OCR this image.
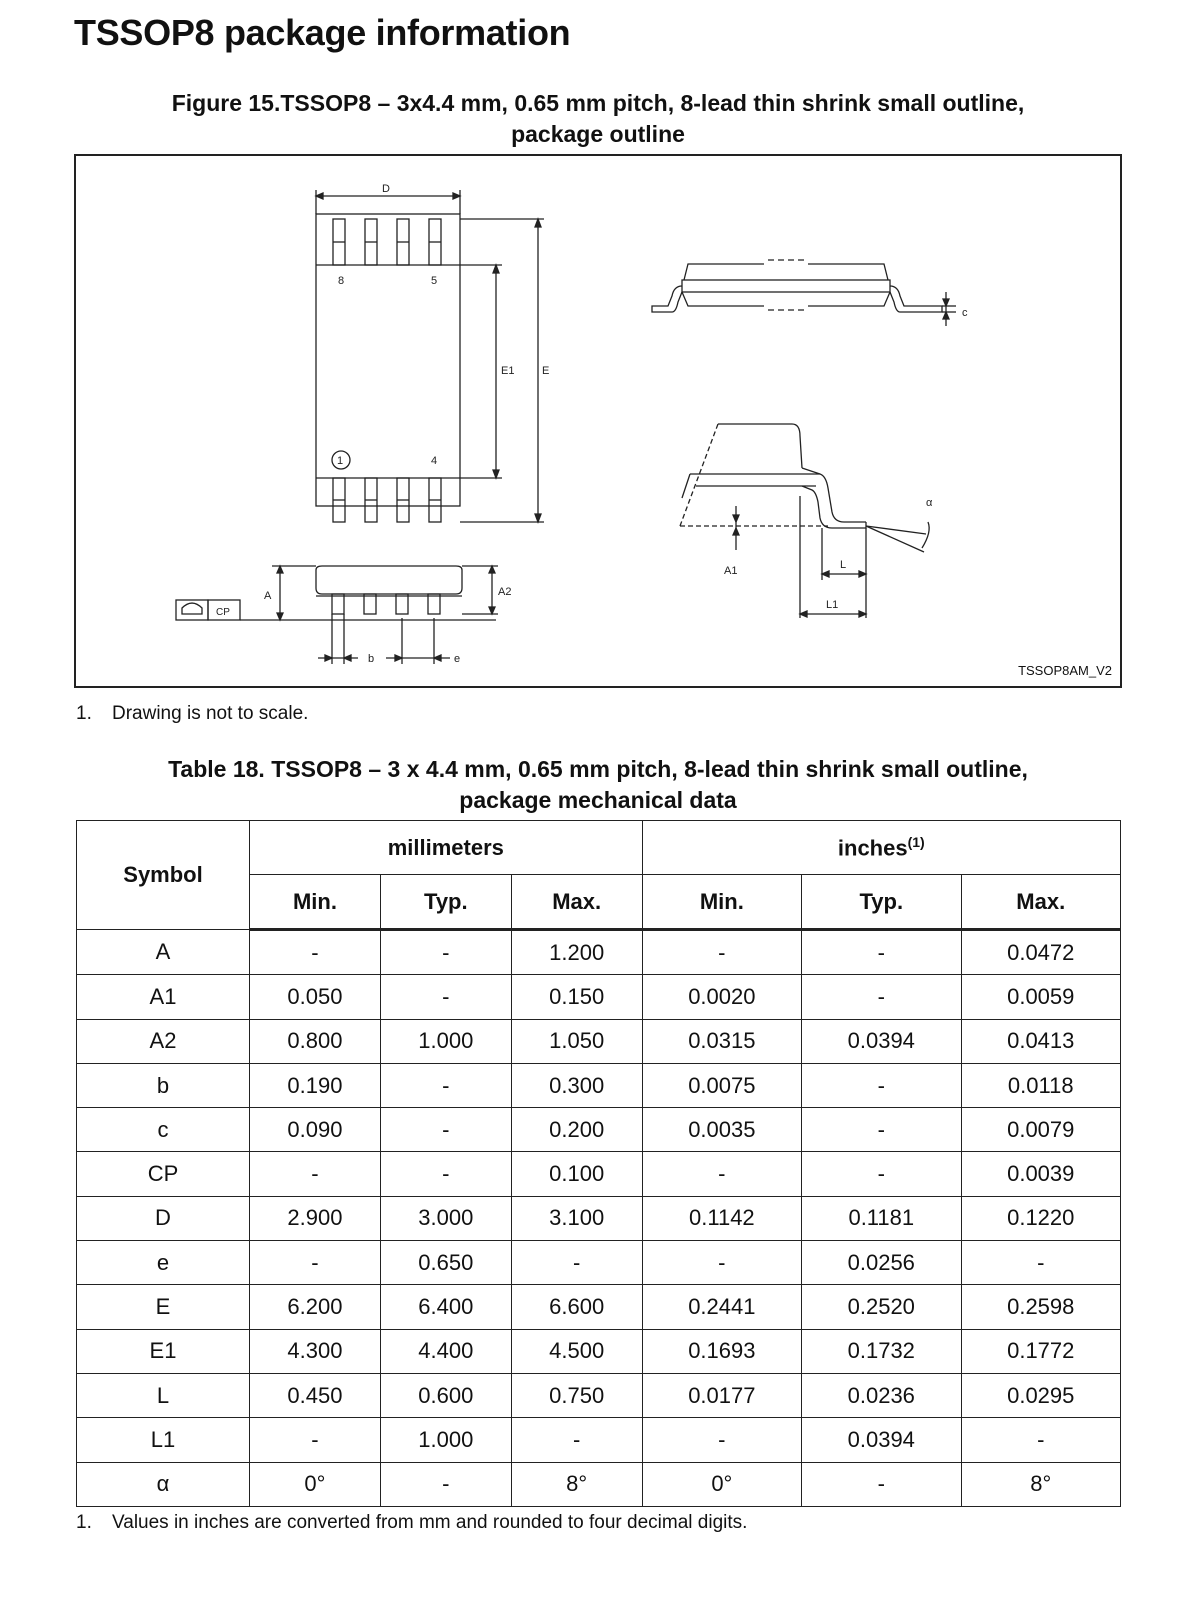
TSSOP8 package information
Figure 15.TSSOP8 – 3x4.4 mm, 0.65 mm pitch, 8-lead thin shrink small outline,
package outline
D
8	5
4
1
E1	E
c
α
A1	L
L1
CP
A	A2
b	e
TSSOP8AM_V2
1. Drawing is not to scale.
Table 18. TSSOP8 – 3 x 4.4 mm, 0.65 mm pitch, 8-lead thin shrink small outline,
package mechanical data
Symbol	millimeters			inches$^{(1)}$
	Min.	Typ.	Max.	Min.	Typ.	Max.
A	-	-	1.200	-	-	0.0472
A1	0.050	-	0.150	0.0020	-	0.0059
A2	0.800	1.000	1.050	0.0315	0.0394	0.0413
b	0.190	-	0.300	0.0075	-	0.0118
c	0.090	-	0.200	0.0035	-	0.0079
CP	-	-	0.100	-	-	0.0039
D	2.900	3.000	3.100	0.1142	0.1181	0.1220
e	-	0.650	-	-	0.0256	-
E	6.200	6.400	6.600	0.2441	0.2520	0.2598
E1	4.300	4.400	4.500	0.1693	0.1732	0.1772
L	0.450	0.600	0.750	0.0177	0.0236	0.0295
L1	-	1.000	-	-	0.0394	-
α	0°	-	8°	0°	-	8°
1. Values in inches are converted from mm and rounded to four decimal digits.
